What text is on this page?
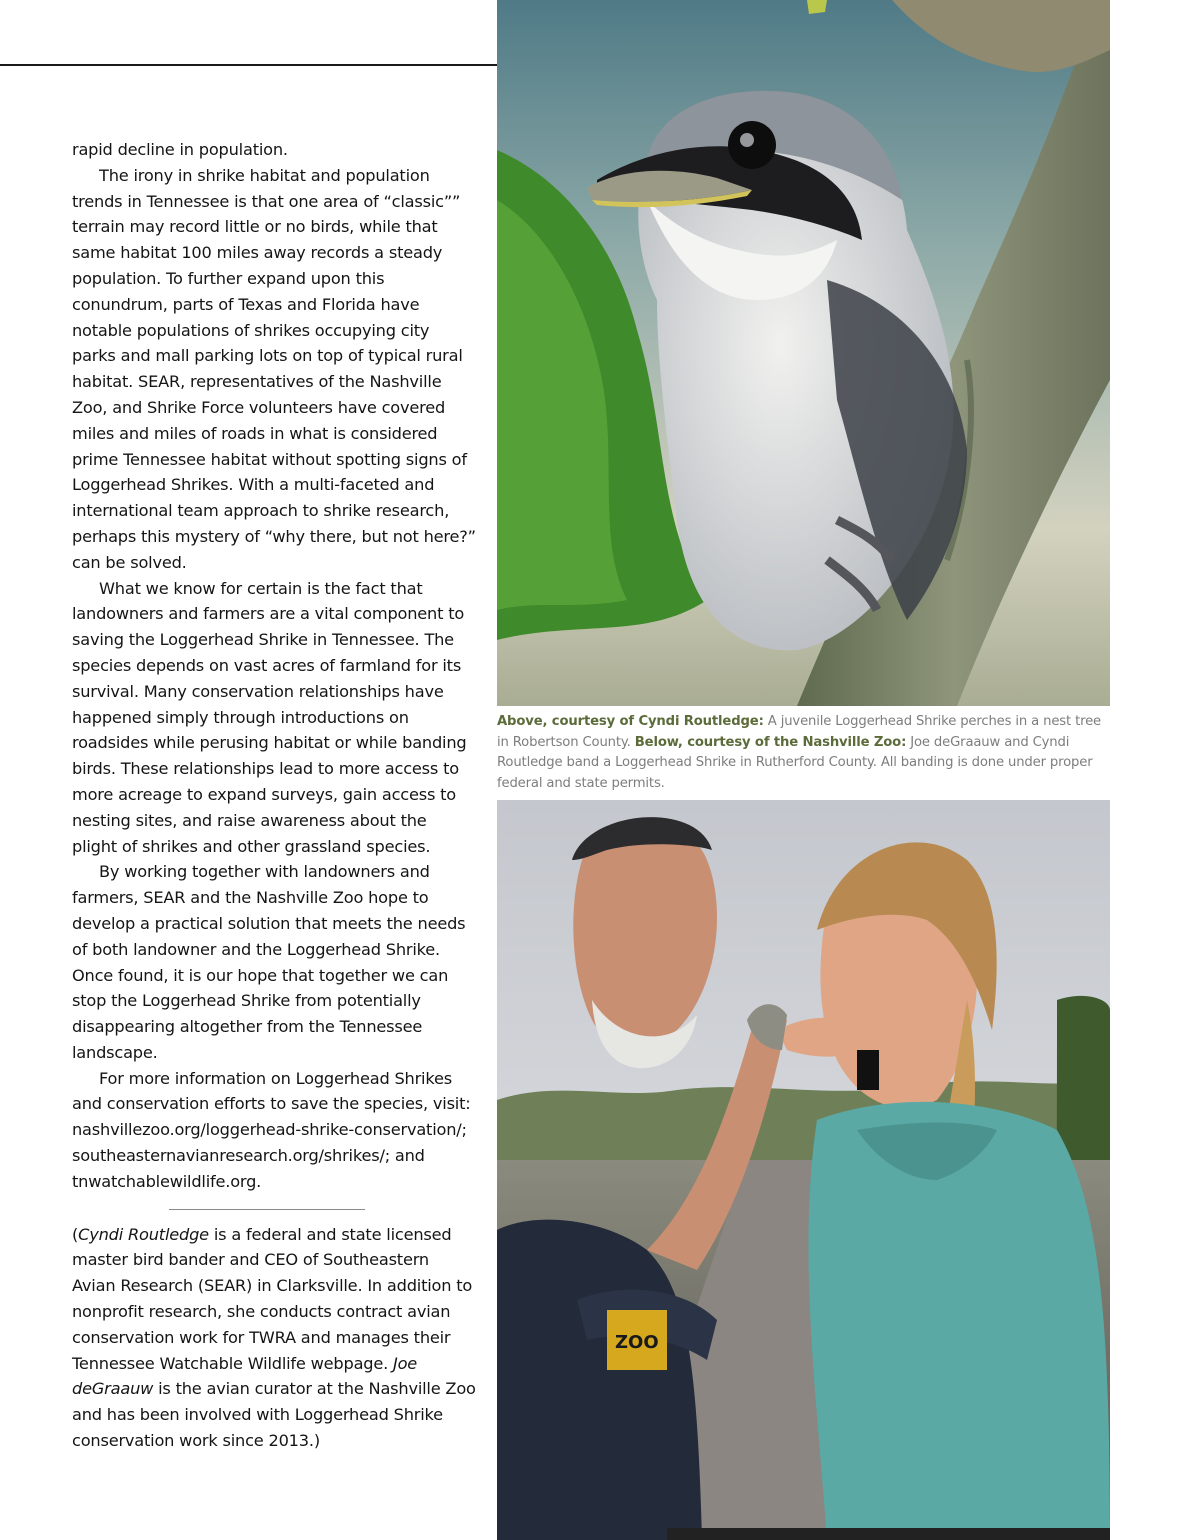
rapid decline in population.

The irony in shrike habitat and population trends in Tennessee is that one area of “classic”” terrain may record little or no birds, while that same habitat 100 miles away records a steady population. To further expand upon this conundrum, parts of Texas and Florida have notable populations of shrikes occupying city parks and mall parking lots on top of typical rural habitat. SEAR, representatives of the Nashville Zoo, and Shrike Force volunteers have covered miles and miles of roads in what is considered prime Tennessee habitat without spotting signs of Loggerhead Shrikes. With a multi-faceted and international team approach to shrike research, perhaps this mystery of “why there, but not here?” can be solved.

What we know for certain is the fact that landowners and farmers are a vital component to saving the Loggerhead Shrike in Tennessee. The species depends on vast acres of farmland for its survival. Many conservation relationships have happened simply through introductions on roadsides while perusing habitat or while banding birds. These relationships lead to more access to more acreage to expand surveys, gain access to nesting sites, and raise awareness about the plight of shrikes and other grassland species.

By working together with landowners and farmers, SEAR and the Nashville Zoo hope to develop a practical solution that meets the needs of both landowner and the Loggerhead Shrike. Once found, it is our hope that together we can stop the Loggerhead Shrike from potentially disappearing altogether from the Tennessee landscape.

For more information on Loggerhead Shrikes and conservation efforts to save the species, visit: nashvillezoo.org/loggerhead-shrike-conservation/; southeasternavianresearch.org/shrikes/; and tnwatchablewildlife.org.

(Cyndi Routledge is a federal and state licensed master bird bander and CEO of Southeastern Avian Research (SEAR) in Clarksville. In addition to nonprofit research, she conducts contract avian conservation work for TWRA and manages their Tennessee Watchable Wildlife webpage. Joe deGraauw is the avian curator at the Nashville Zoo and has been involved with Loggerhead Shrike conservation work since 2013.)

Above, courtesy of Cyndi Routledge: A juvenile Loggerhead Shrike perches in a nest tree in Robertson County. Below, courtesy of the Nashville Zoo: Joe deGraauw and Cyndi Routledge band a Loggerhead Shrike in Rutherford County. All banding is done under proper federal and state permits.
ZOO
